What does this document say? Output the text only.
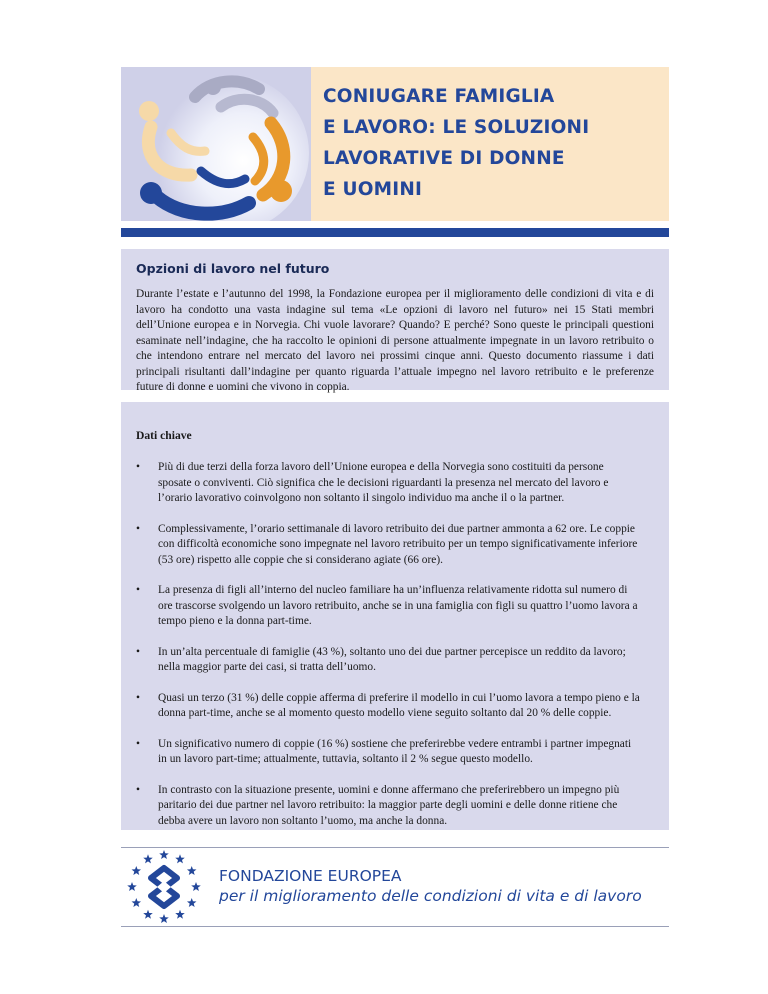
CONIUGARE FAMIGLIA
E LAVORO: LE SOLUZIONI
LAVORATIVE DI DONNE
E UOMINI
Opzioni di lavoro nel futuro

Durante l’estate e l’autunno del 1998, la Fondazione europea per il miglioramento delle condizioni di vita e di lavoro ha condotto una vasta indagine sul tema «Le opzioni di lavoro nel futuro» nei 15 Stati membri dell’Unione europea e in Norvegia. Chi vuole lavorare? Quando? E perché? Sono queste le principali questioni esaminate nell’indagine, che ha raccolto le opinioni di persone attualmente impegnate in un lavoro retribuito o che intendono entrare nel mercato del lavoro nei prossimi cinque anni. Questo documento riassume i dati principali risultanti dall’indagine per quanto riguarda l’attuale impegno nel lavoro retribuito e le preferenze future di donne e uomini che vivono in coppia.

Dati chiave
• Più di due terzi della forza lavoro dell’Unione europea e della Norvegia sono costituiti da persone sposate o conviventi. Ciò significa che le decisioni riguardanti la presenza nel mercato del lavoro e l’orario lavorativo coinvolgono non soltanto il singolo individuo ma anche il o la partner.
• Complessivamente, l’orario settimanale di lavoro retribuito dei due partner ammonta a 62 ore. Le coppie con difficoltà economiche sono impegnate nel lavoro retribuito per un tempo significativamente inferiore (53 ore) rispetto alle coppie che si considerano agiate (66 ore).
• La presenza di figli all’interno del nucleo familiare ha un’influenza relativamente ridotta sul numero di ore trascorse svolgendo un lavoro retribuito, anche se in una famiglia con figli su quattro l’uomo lavora a tempo pieno e la donna part-time.
• In un’alta percentuale di famiglie (43 %), soltanto uno dei due partner percepisce un reddito da lavoro; nella maggior parte dei casi, si tratta dell’uomo.
• Quasi un terzo (31 %) delle coppie afferma di preferire il modello in cui l’uomo lavora a tempo pieno e la donna part-time, anche se al momento questo modello viene seguito soltanto dal 20 % delle coppie.
• Un significativo numero di coppie (16 %) sostiene che preferirebbe vedere entrambi i partner impegnati in un lavoro part-time; attualmente, tuttavia, soltanto il 2 % segue questo modello.
• In contrasto con la situazione presente, uomini e donne affermano che preferirebbero un impegno più paritario dei due partner nel lavoro retribuito: la maggior parte degli uomini e delle donne ritiene che debba avere un lavoro non soltanto l’uomo, ma anche la donna.
FONDAZIONE EUROPEA
per il miglioramento delle condizioni di vita e di lavoro
